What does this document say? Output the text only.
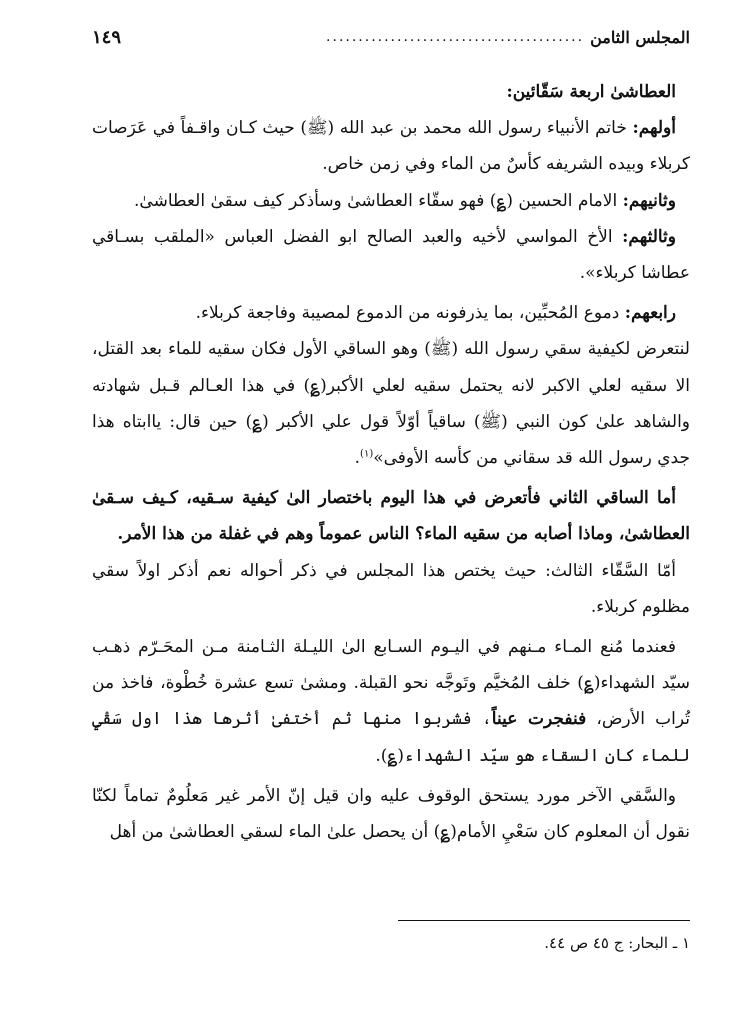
المجلس الثامن
........................................
١٤٩

العطاشىٰ اربعة سَقّائين:

أولهم: خاتم الأنبياء رسول الله محمد بن عبد الله (ﷺ) حيث كـان واقـفاً في عَرَصات كربلاء وبيده الشريفه كأسٌ من الماء وفي زمن خاص.

وثانيهم: الامام الحسين (؏) فهو سقّاء العطاشىٰ وسأذكر كيف سقىٰ العطاشىٰ.

وثالثهم: الأخ المواسي لأخيه والعبد الصالح ابو الفضل العباس «الملقب بسـاقي عطاشا كربلاء».

رابعهم: دموع المُحبِّين، بما يذرفونه من الدموع لمصيبة وفاجعة كربلاء.

لنتعرض لكيفية سقي رسول الله (ﷺ) وهو الساقي الأول فكان سقيه للماء بعد القتل، الا سقيه لعلي الاكبر لانه يحتمل سقيه لعلي الأكبر(؏) في هذا العـالم قـبل شهادته والشاهد علىٰ كون النبي (ﷺ) ساقياً أوّلاً قول علي الأكبر (؏) حين قال: ياابتاه هذا جدي رسول الله قد سقاني من كأسه الأوفى»$^{(١)}$.

أما الساقي الثاني فأتعرض في هذا اليوم باختصار الىٰ كيفية سـقيه، كـيف سـقىٰ العطاشىٰ، وماذا أصابه من سقيه الماء؟ الناس عموماً وهم في غفلة من هذا الأمر.

أمّا السَّقّاء الثالث: حيث يختص هذا المجلس في ذكر أحواله نعم أذكر اولاً سقي مظلوم كربلاء.

فعندما مُنع المـاء مـنهم في اليـوم السـابع الىٰ الليـلة الثـامنة مـن المحَـرّم ذهـب سيّد الشهداء(؏) خلف المُخيَّم وتَوجَّه نحو القبلة. ومشىٰ تسع عشرة خُطْوة، فاخذ من تُراب الأرض، فنفجرت عيناً، فشربوا منها ثم أختفىٰ أثرها هذا اول سَقْيٍ للماء كان السقاء هو سيّد الشهداء(؏).

والسَّقي الآخر مورد يستحق الوقوف عليه وان قيل إنّ الأمر غير مَعلُومٌ تماماً لكنّا نقول أن المعلوم كان سَعْيِ الأمام(؏) أن يحصل علىٰ الماء لسقي العطاشىٰ من أهل

١ ـ البحار: ج ٤٥ ص ٤٤.
